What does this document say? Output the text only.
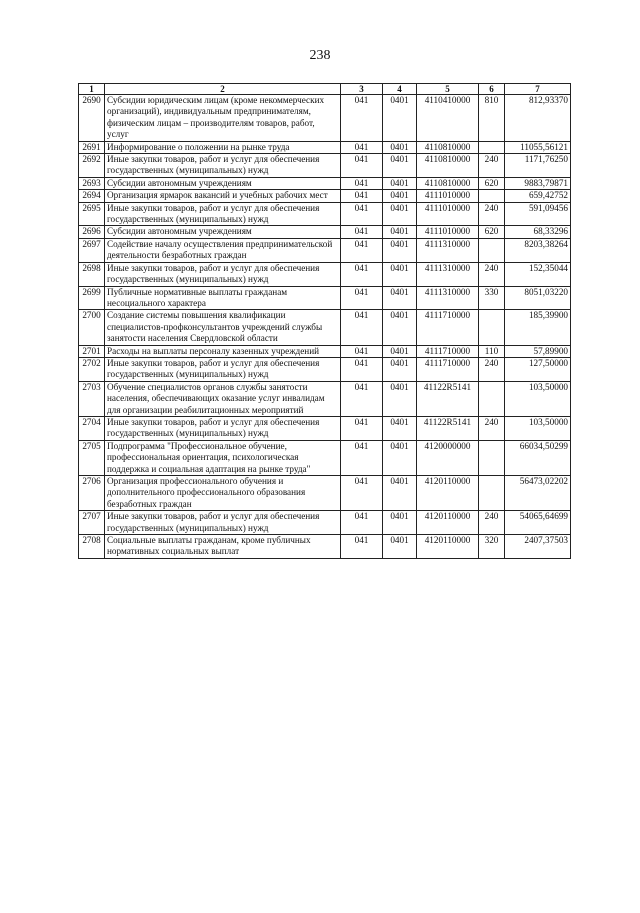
238
1	2	3	4	5	6	7
2690	Субсидии юридическим лицам (кроме некоммерческих организаций), индивидуальным предпринимателям, физическим лицам – производителям товаров, работ, услуг	041	0401	4110410000	810	812,93370
2691	Информирование о положении на рынке труда	041	0401	4110810000		11055,56121
2692	Иные закупки товаров, работ и услуг для обеспечения государственных (муниципальных) нужд	041	0401	4110810000	240	1171,76250
2693	Субсидии автономным учреждениям	041	0401	4110810000	620	9883,79871
2694	Организация ярмарок вакансий и учебных рабочих мест	041	0401	4111010000		659,42752
2695	Иные закупки товаров, работ и услуг для обеспечения государственных (муниципальных) нужд	041	0401	4111010000	240	591,09456
2696	Субсидии автономным учреждениям	041	0401	4111010000	620	68,33296
2697	Содействие началу осуществления предпринимательской деятельности безработных граждан	041	0401	4111310000		8203,38264
2698	Иные закупки товаров, работ и услуг для обеспечения государственных (муниципальных) нужд	041	0401	4111310000	240	152,35044
2699	Публичные нормативные выплаты гражданам несоциального характера	041	0401	4111310000	330	8051,03220
2700	Создание системы повышения квалификации специалистов-профконсультантов учреждений службы занятости населения Свердловской области	041	0401	4111710000		185,39900
2701	Расходы на выплаты персоналу казенных учреждений	041	0401	4111710000	110	57,89900
2702	Иные закупки товаров, работ и услуг для обеспечения государственных (муниципальных) нужд	041	0401	4111710000	240	127,50000
2703	Обучение специалистов органов службы занятости населения, обеспечивающих оказание услуг инвалидам для организации реабилитационных мероприятий	041	0401	41122R5141		103,50000
2704	Иные закупки товаров, работ и услуг для обеспечения государственных (муниципальных) нужд	041	0401	41122R5141	240	103,50000
2705	Подпрограмма "Профессиональное обучение, профессиональная ориентация, психологическая поддержка и социальная адаптация на рынке труда"	041	0401	4120000000		66034,50299
2706	Организация профессионального обучения и дополнительного профессионального образования безработных граждан	041	0401	4120110000		56473,02202
2707	Иные закупки товаров, работ и услуг для обеспечения государственных (муниципальных) нужд	041	0401	4120110000	240	54065,64699
2708	Социальные выплаты гражданам, кроме публичных нормативных социальных выплат	041	0401	4120110000	320	2407,37503
